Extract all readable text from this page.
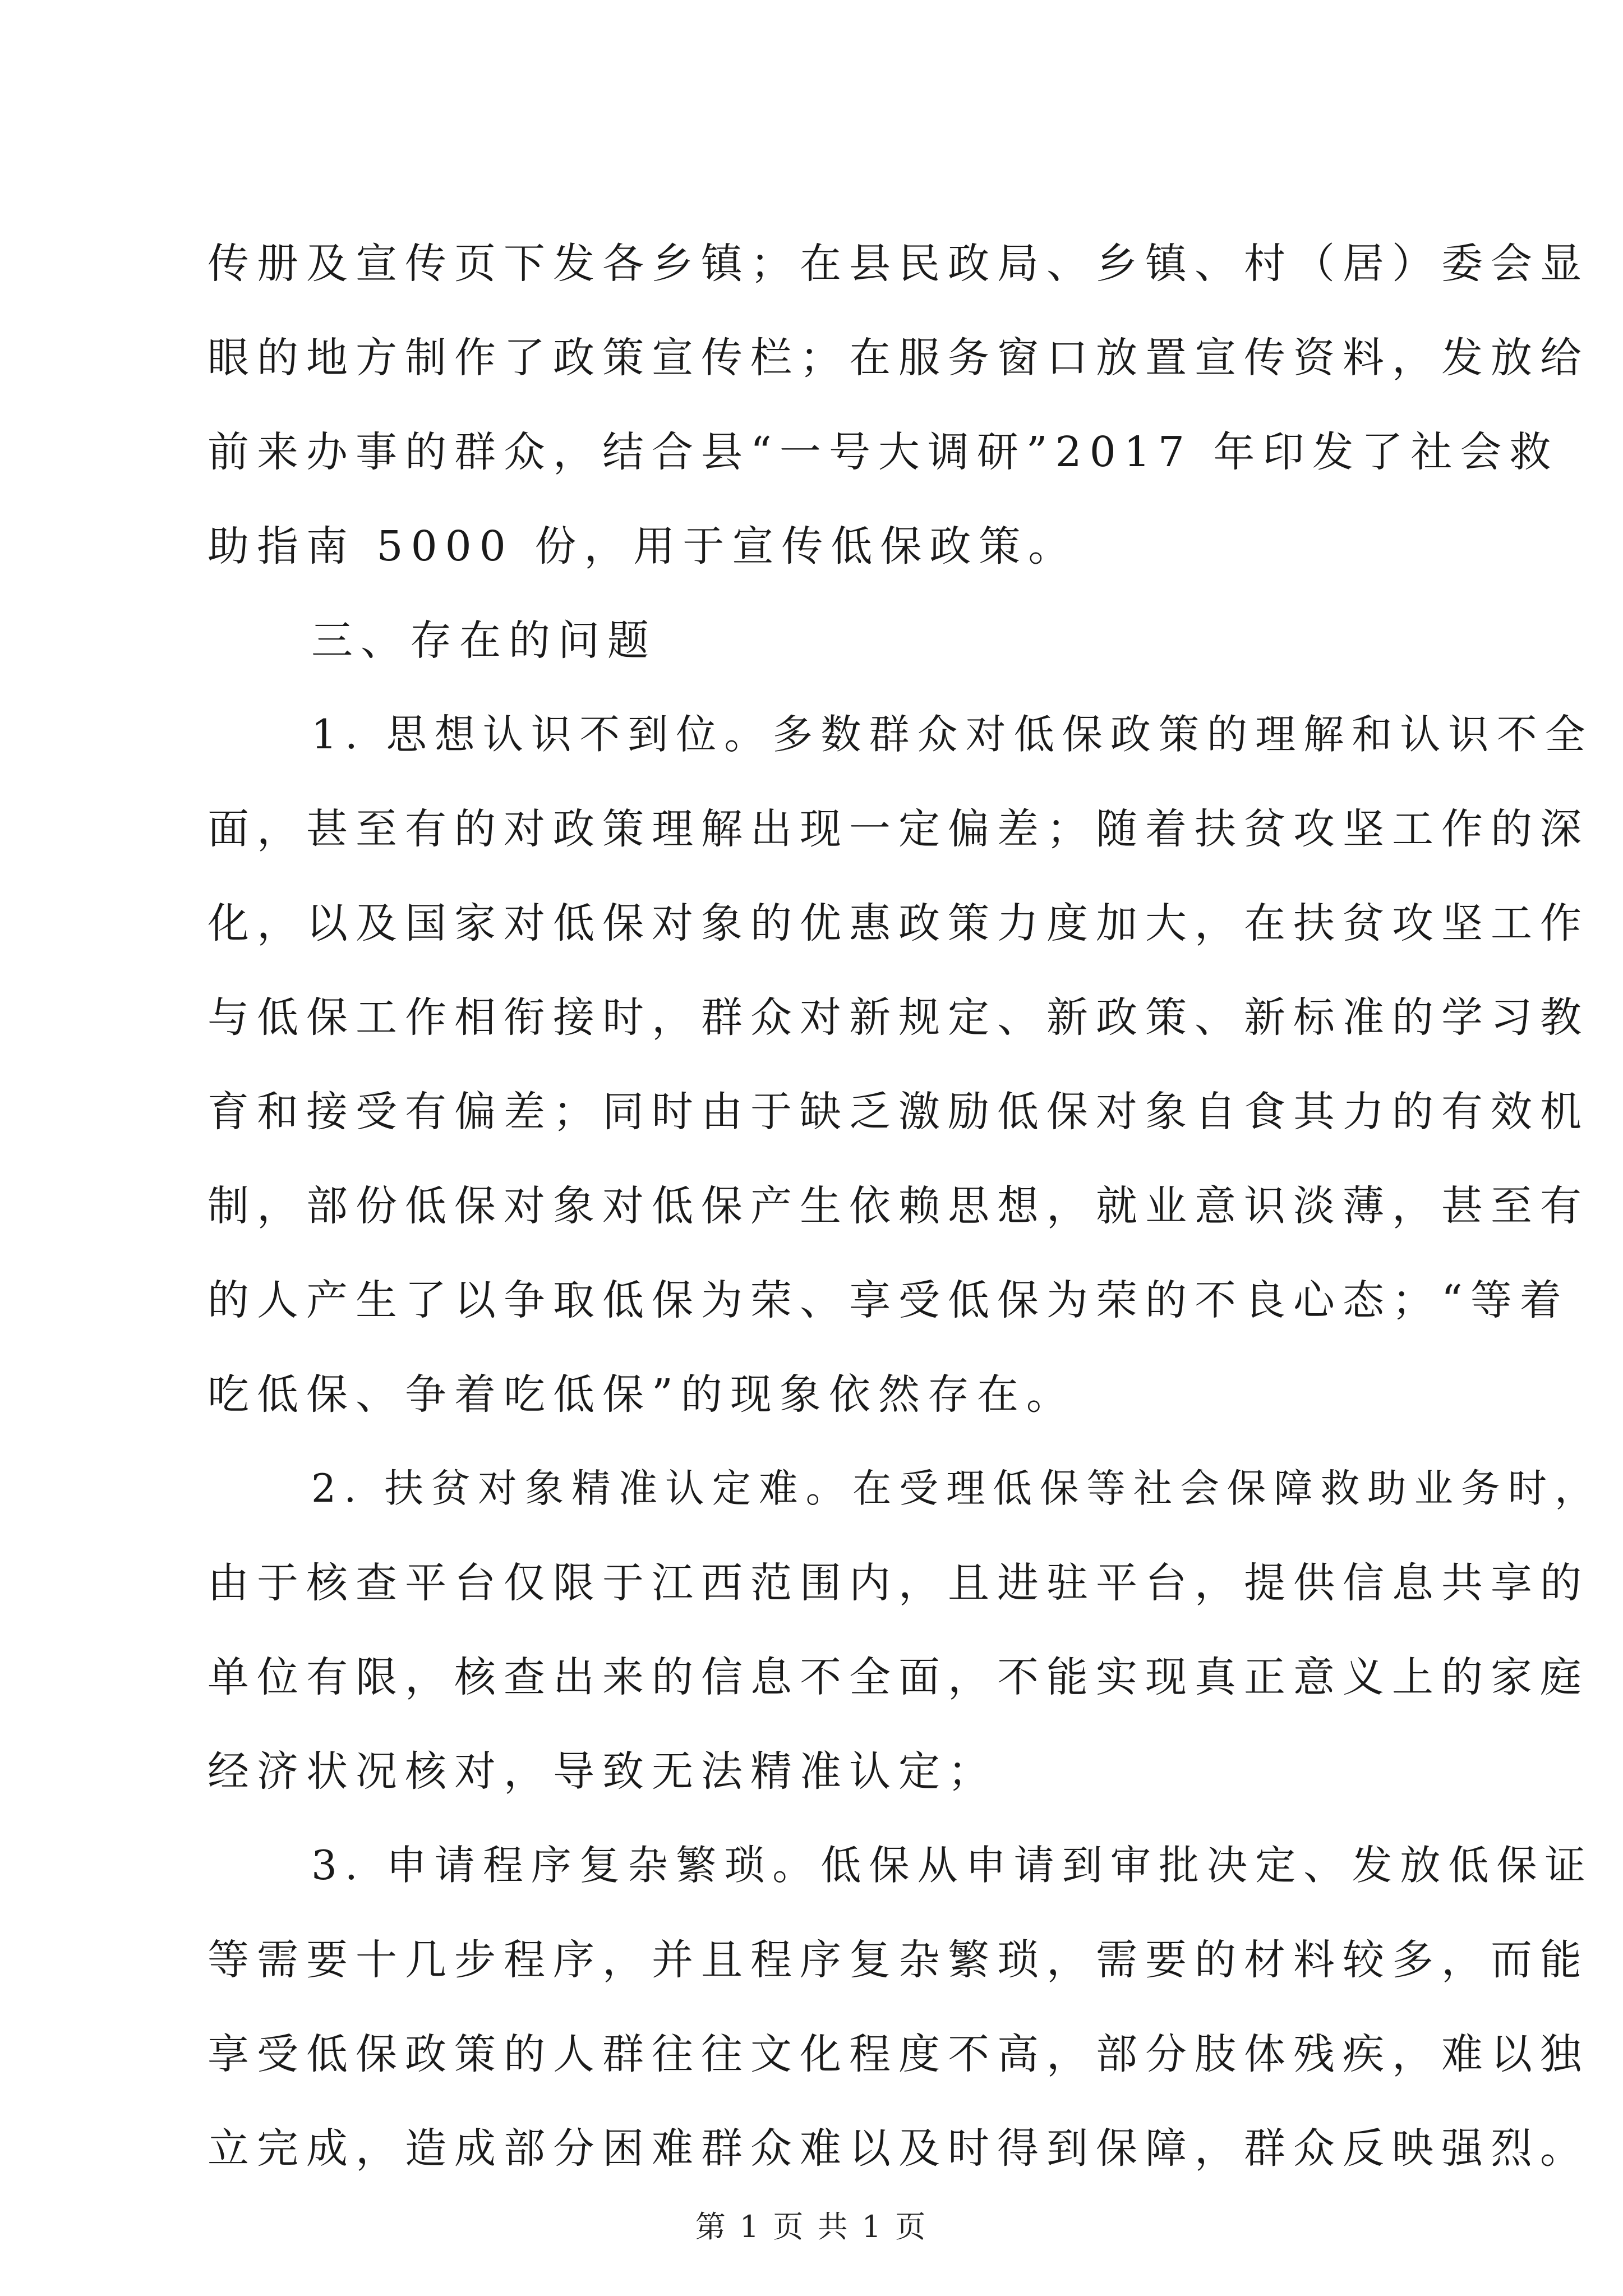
传册及宣传页下发各乡镇；在县民政局、乡镇、村（居）委会显
眼的地方制作了政策宣传栏；在服务窗口放置宣传资料，发放给
前来办事的群众，结合县“一号大调研”2017 年印发了社会救
助指南 5000 份，用于宣传低保政策。
三、存在的问题
1. 思想认识不到位。多数群众对低保政策的理解和认识不全
面，甚至有的对政策理解出现一定偏差；随着扶贫攻坚工作的深
化，以及国家对低保对象的优惠政策力度加大，在扶贫攻坚工作
与低保工作相衔接时，群众对新规定、新政策、新标准的学习教
育和接受有偏差；同时由于缺乏激励低保对象自食其力的有效机
制，部份低保对象对低保产生依赖思想，就业意识淡薄，甚至有
的人产生了以争取低保为荣、享受低保为荣的不良心态；“等着
吃低保、争着吃低保”的现象依然存在。
2. 扶贫对象精准认定难。在受理低保等社会保障救助业务时，
由于核查平台仅限于江西范围内，且进驻平台，提供信息共享的
单位有限，核查出来的信息不全面，不能实现真正意义上的家庭
经济状况核对，导致无法精准认定；
3. 申请程序复杂繁琐。低保从申请到审批决定、发放低保证
等需要十几步程序，并且程序复杂繁琐，需要的材料较多，而能
享受低保政策的人群往往文化程度不高，部分肢体残疾，难以独
立完成，造成部分困难群众难以及时得到保障，群众反映强烈。
第 1 页 共 1 页
